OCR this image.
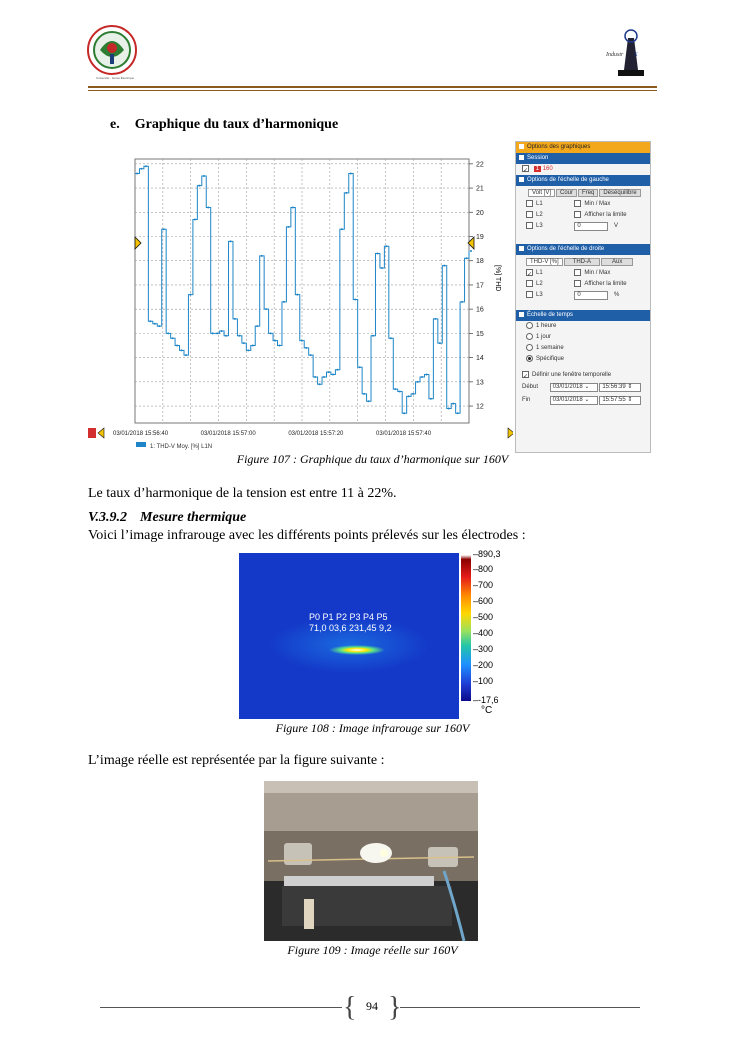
Université · Génie Électrique
Industr X
e. Graphique du taux d’harmonique
22
21
20
19
18
17
16
15
14
13
12
03/01/2018 15:56:40	03/01/2018 15:57:00	03/01/2018 15:57:20	03/01/2018 15:57:40
[%] THD
1: THD-V Moy. [%] L1N
Options des graphiques
Session
✓ 1 160
Options de l'échelle de gauche
Volt [V] Cour Freq Déséquilibre
L1	Min / Max
L2	Afficher la limite
L3	0	V
Options de l'échelle de droite
THD-V [%] THD-A	Aux
✓ L1	Min / Max
L2	Afficher la limite
L3	0	%
Échelle de temps
1 heure
1 jour
1 semaine
Spécifique
✓ Définir une fenêtre temporelle
Début 03/01/2018 ⌄ 15:56:39 ⇕
Fin	03/01/2018 ⌄ 15:57:55 ⇕
Figure 107 : Graphique du taux d’harmonique sur 160V
Le taux d’harmonique de la tension est entre 11 à 22%.
V.3.9.2 Mesure thermique
Voici l’image infrarouge avec les différents points prélevés sur les électrodes :
P0 P1 P2 P3 P4 P5
71,0 03,6 231,45 9,2
–890,3
–800
–700
–600
–500
–400
–300
–200
–100
–-17,6
°C
Figure 108 : Image infrarouge sur 160V
L’image réelle est représentée par la figure suivante :
Figure 109 : Image réelle sur 160V
{ }
94
